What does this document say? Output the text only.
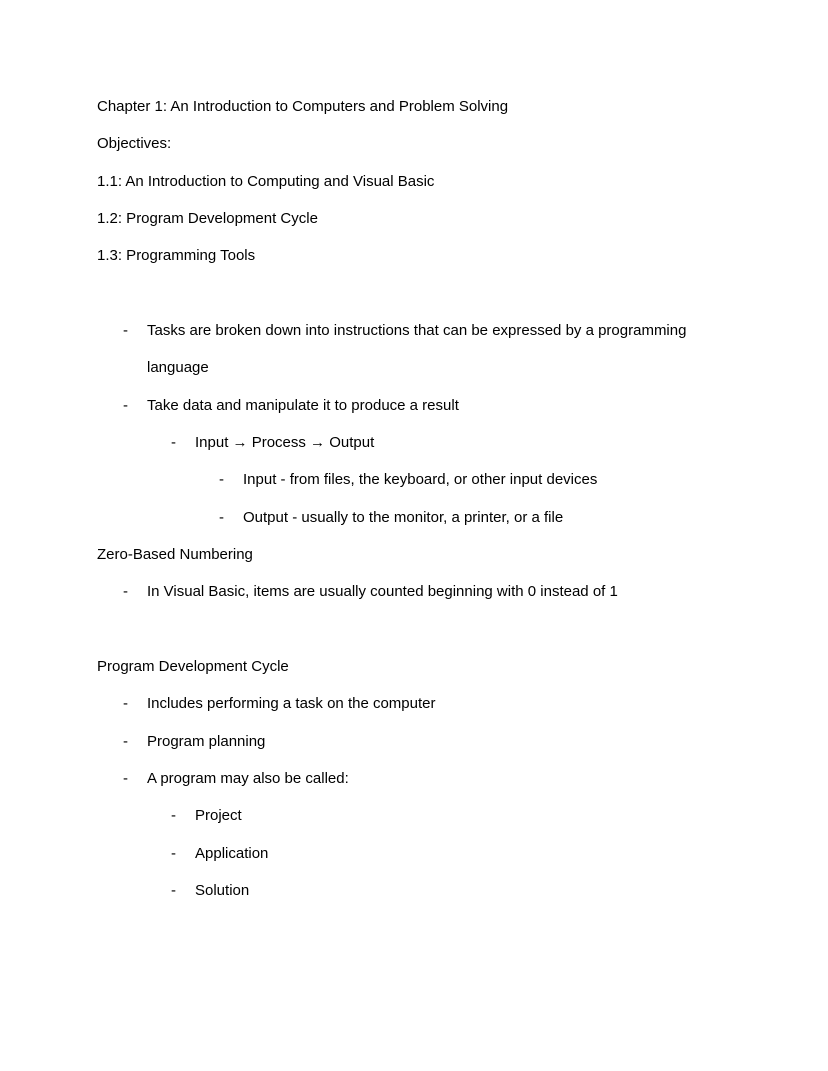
Chapter 1: An Introduction to Computers and Problem Solving
Objectives:
1.1: An Introduction to Computing and Visual Basic
1.2: Program Development Cycle
1.3: Programming Tools
-	Tasks are broken down into instructions that can be expressed by a programming language
-	Take data and manipulate it to produce a result
-	Input → Process → Output
-	Input - from files, the keyboard, or other input devices
-	Output - usually to the monitor, a printer, or a file
Zero-Based Numbering
-	In Visual Basic, items are usually counted beginning with 0 instead of 1
Program Development Cycle
-	Includes performing a task on the computer
-	Program planning
-	A program may also be called:
-	Project
-	Application
-	Solution
